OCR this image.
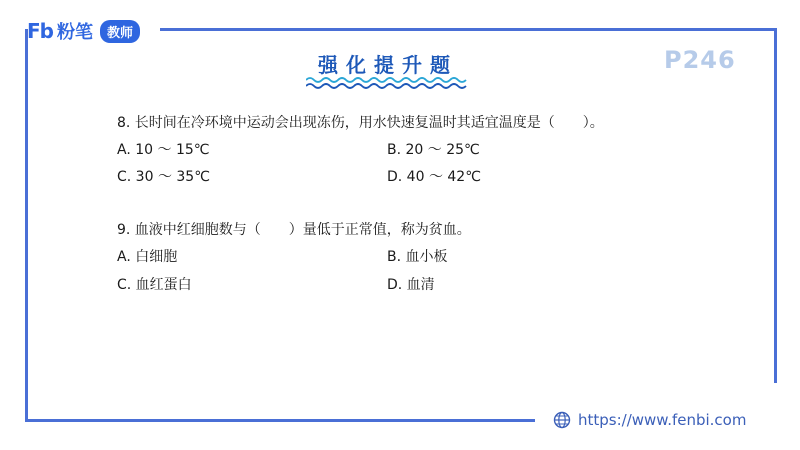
Fb 粉笔	教师
强化提升题	P246
8. 长时间在冷环境中运动会出现冻伤，用水快速复温时其适宜温度是（　　）。
A. 10 ～ 15℃	B. 20 ～ 25℃
C. 30 ～ 35℃	D. 40 ～ 42℃
9. 血液中红细胞数与（　　）量低于正常值，称为贫血。
A. 白细胞	B. 血小板
C. 血红蛋白	D. 血清
https://www.fenbi.com
